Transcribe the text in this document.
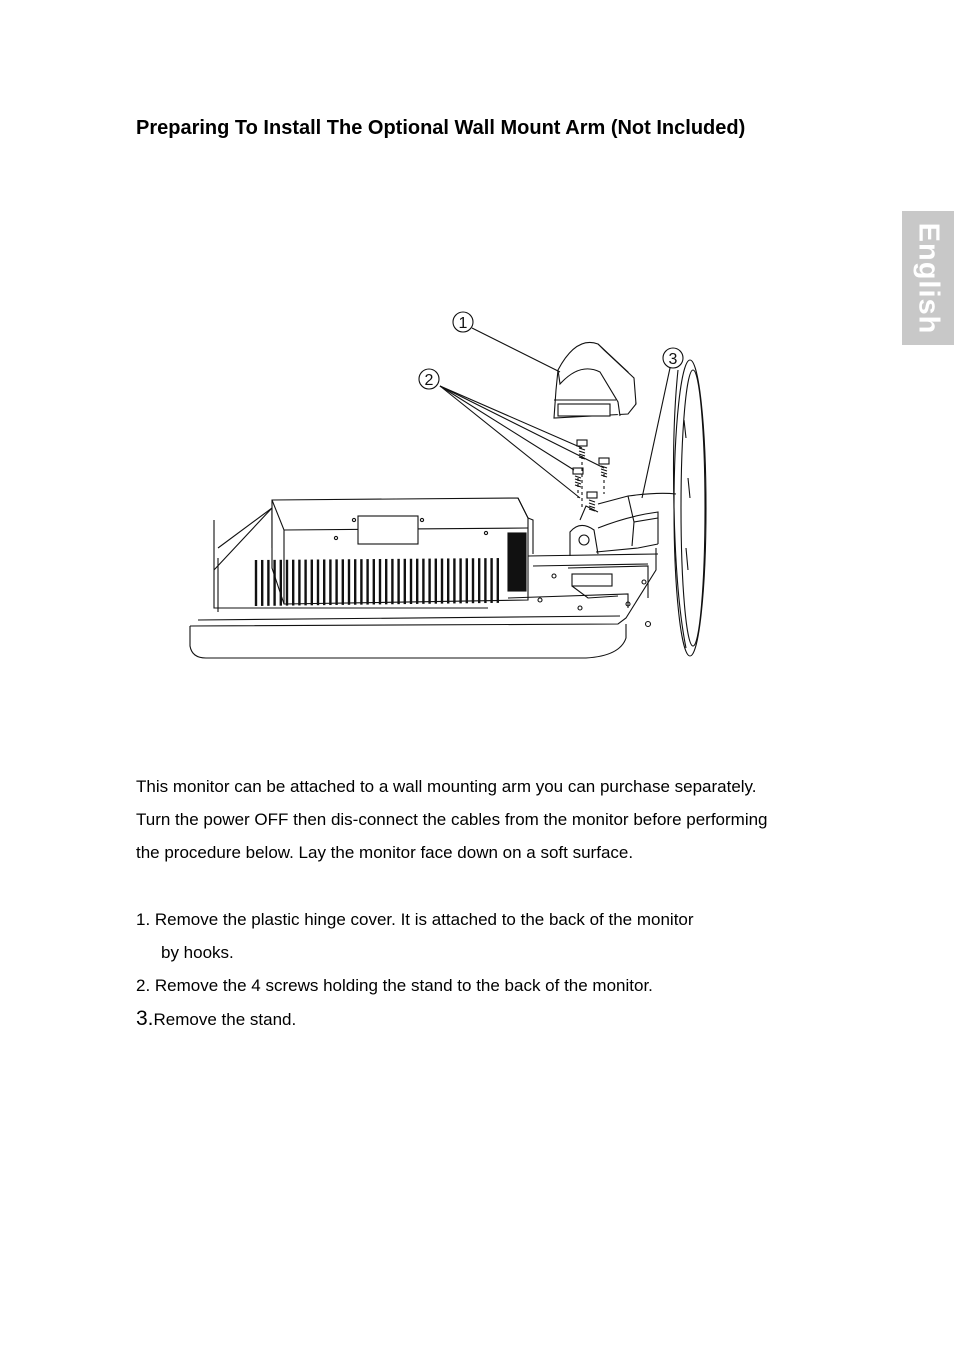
Preparing To Install The Optional Wall Mount Arm (Not Included)
English
1
2
3
This monitor can be attached to a wall mounting arm you can purchase separately.
Turn the power OFF then dis-connect the cables from the monitor before performing
the procedure below. Lay the monitor face down on a soft surface.
1. Remove the plastic hinge cover. It is attached to the back of the monitor
by hooks.
2. Remove the 4 screws holding the stand to the back of the monitor.
3.Remove the stand.
